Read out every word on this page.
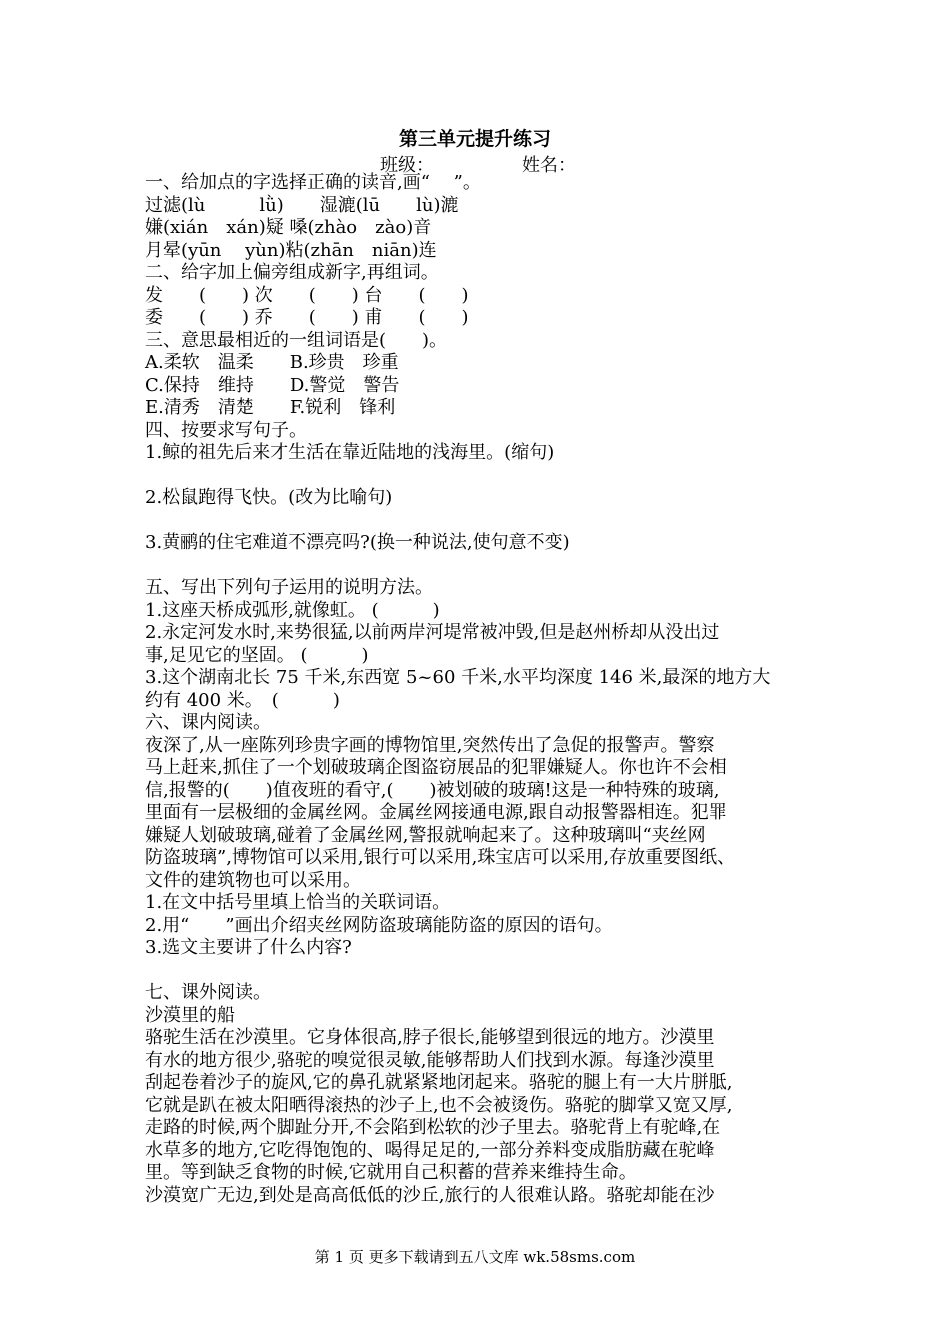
第三单元提升练习
班级：	姓名：
一、给加点的字选择正确的读音,画“　 ”。
过滤(lù　　　lǜ)　　湿漉(lū　　lù)漉
嫌(xián　xán)疑 嗓(zhào　zào)音
月晕(yūn　 yùn)粘(zhān　niān)连
二、给字加上偏旁组成新字,再组词。
发　　(　　) 次　　(　　) 台　　(　　)
委　　(　　) 乔　　(　　) 甫　　(　　)
三、意思最相近的一组词语是(　　)。
A.柔软　温柔　　B.珍贵　珍重
C.保持　维持　　D.警觉　警告
E.清秀　清楚　　F.锐利　锋利
四、按要求写句子。
1.鲸的祖先后来才生活在靠近陆地的浅海里。(缩句)
2.松鼠跑得飞快。(改为比喻句)
3.黄鹂的住宅难道不漂亮吗?(换一种说法,使句意不变)
五、写出下列句子运用的说明方法。
1.这座天桥成弧形,就像虹。 (　　　)
2.永定河发水时,来势很猛,以前两岸河堤常被冲毁,但是赵州桥却从没出过
事,足见它的坚固。 (　　　)
3.这个湖南北长 75 千米,东西宽 5~60 千米,水平均深度 146 米,最深的地方大
约有 400 米。　(　　　)
六、课内阅读。
夜深了,从一座陈列珍贵字画的博物馆里,突然传出了急促的报警声。警察
马上赶来,抓住了一个划破玻璃企图盗窃展品的犯罪嫌疑人。你也许不会相
信,报警的(　　)值夜班的看守,(　　)被划破的玻璃!这是一种特殊的玻璃,
里面有一层极细的金属丝网。金属丝网接通电源,跟自动报警器相连。犯罪
嫌疑人划破玻璃,碰着了金属丝网,警报就响起来了。这种玻璃叫“夹丝网
防盗玻璃”,博物馆可以采用,银行可以采用,珠宝店可以采用,存放重要图纸、
文件的建筑物也可以采用。
1.在文中括号里填上恰当的关联词语。
2.用“　　”画出介绍夹丝网防盗玻璃能防盗的原因的语句。
3.选文主要讲了什么内容?
七、课外阅读。
沙漠里的船
骆驼生活在沙漠里。它身体很高,脖子很长,能够望到很远的地方。沙漠里
有水的地方很少,骆驼的嗅觉很灵敏,能够帮助人们找到水源。每逢沙漠里
刮起卷着沙子的旋风,它的鼻孔就紧紧地闭起来。骆驼的腿上有一大片胼胝,
它就是趴在被太阳晒得滚热的沙子上,也不会被烫伤。骆驼的脚掌又宽又厚,
走路的时候,两个脚趾分开,不会陷到松软的沙子里去。骆驼背上有驼峰,在
水草多的地方,它吃得饱饱的、喝得足足的,一部分养料变成脂肪藏在驼峰
里。等到缺乏食物的时候,它就用自己积蓄的营养来维持生命。
沙漠宽广无边,到处是高高低低的沙丘,旅行的人很难认路。骆驼却能在沙
第 1 页 更多下载请到五八文库 wk.58sms.com
